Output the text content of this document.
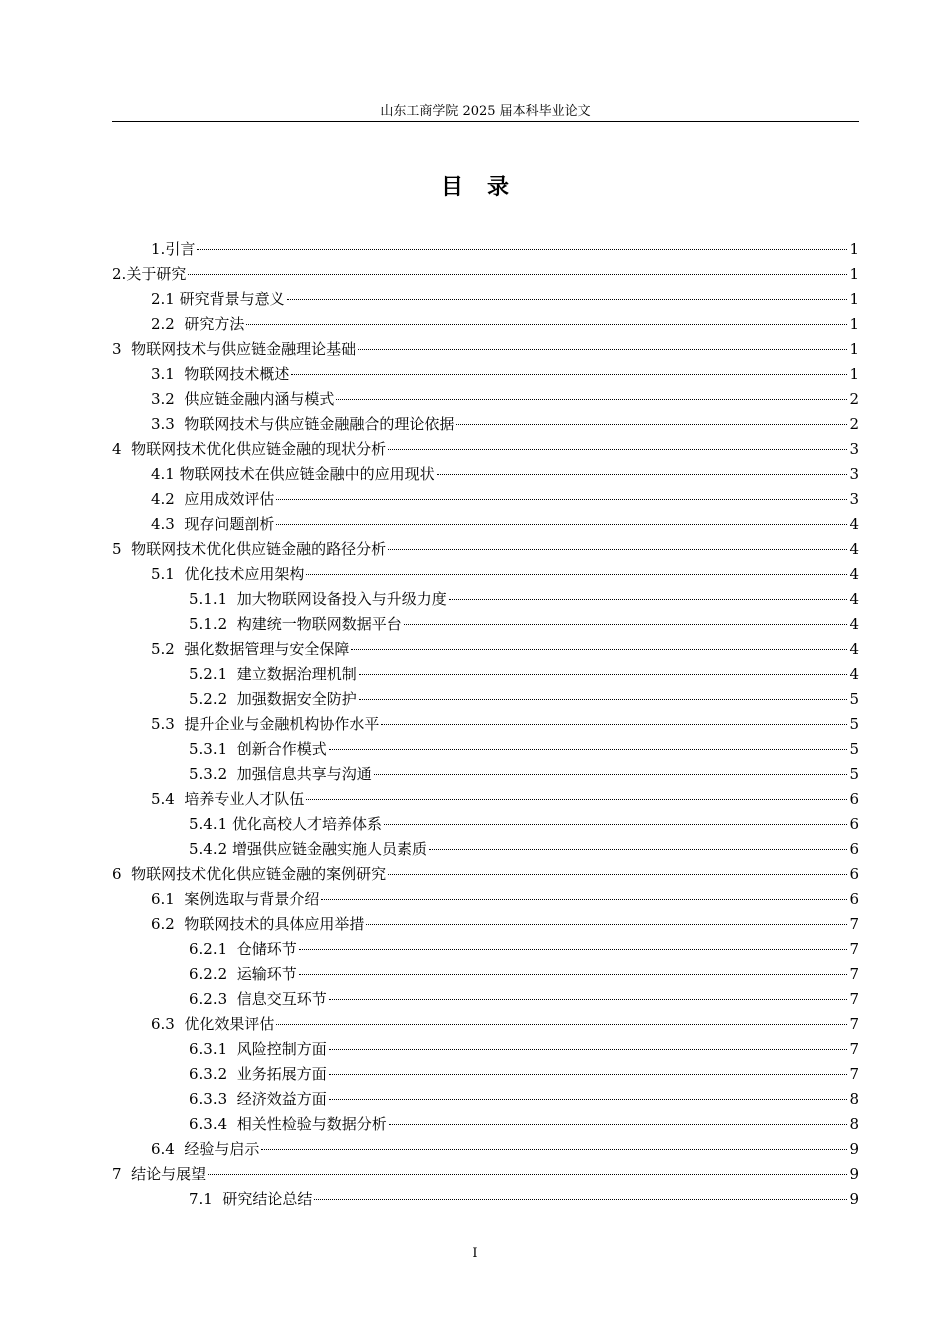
山东工商学院 2025 届本科毕业论文
目录
1. 引言	1
2. 关于研究	1
2.1 研究背景与意义	1
2.2 研究方法	1
3 物联网技术与供应链金融理论基础	1
3.1 物联网技术概述	1
3.2 供应链金融内涵与模式	2
3.3 物联网技术与供应链金融融合的理论依据	2
4 物联网技术优化供应链金融的现状分析	3
4.1 物联网技术在供应链金融中的应用现状	3
4.2 应用成效评估	3
4.3 现存问题剖析	4
5 物联网技术优化供应链金融的路径分析	4
5.1 优化技术应用架构	4
5.1.1 加大物联网设备投入与升级力度	4
5.1.2 构建统一物联网数据平台	4
5.2 强化数据管理与安全保障	4
5.2.1 建立数据治理机制	4
5.2.2 加强数据安全防护	5
5.3 提升企业与金融机构协作水平	5
5.3.1 创新合作模式	5
5.3.2 加强信息共享与沟通	5
5.4 培养专业人才队伍	6
5.4.1 优化高校人才培养体系	6
5.4.2 增强供应链金融实施人员素质	6
6 物联网技术优化供应链金融的案例研究	6
6.1 案例选取与背景介绍	6
6.2 物联网技术的具体应用举措	7
6.2.1 仓储环节	7
6.2.2 运输环节	7
6.2.3 信息交互环节	7
6.3 优化效果评估	7
6.3.1 风险控制方面	7
6.3.2 业务拓展方面	7
6.3.3 经济效益方面	8
6.3.4 相关性检验与数据分析	8
6.4 经验与启示	9
7 结论与展望	9
7.1 研究结论总结	9
I
